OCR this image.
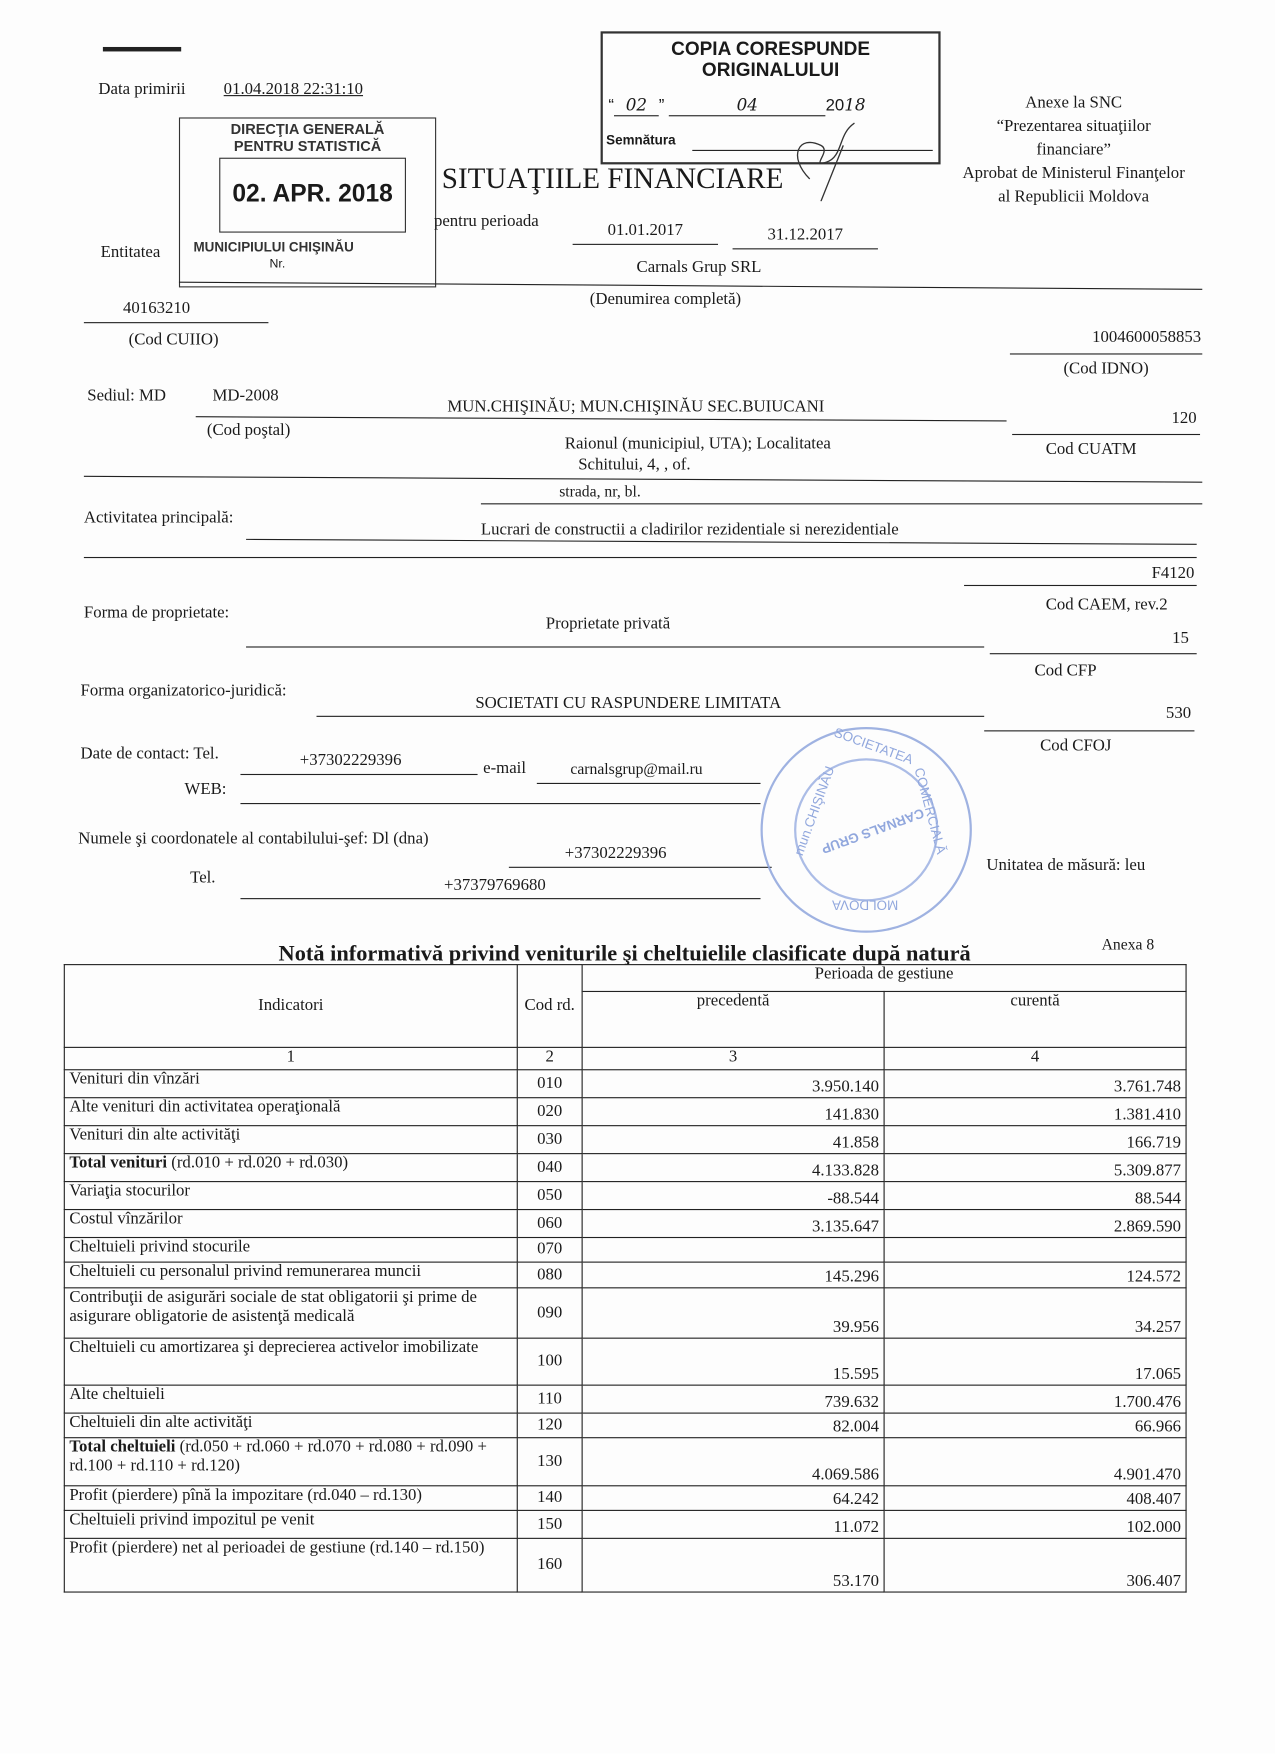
Data primirii	01.04.2018 22:31:10
DIRECŢIA GENERALĂ
PENTRU STATISTICĂ
02. APR. 2018
MUNICIPIULUI CHIŞINĂU
Nr.
COPIA CORESPUNDE
ORIGINALULUI
“ 02 ”	04	2018
Semnătura
Anexe la SNC
“Prezentarea situaţiilor
financiare”
Aprobat de Ministerul Finanţelor
al Republicii Moldova
SITUAŢIILE FINANCIARE
pentru perioada	01.01.2017	31.12.2017
Entitatea
Carnals Grup SRL
(Denumirea completă)
40163210
(Cod CUIIO)	1004600058853
(Cod IDNO)
Sediul: MD	MD-2008
MUN.CHIŞINĂU; MUN.CHIŞINĂU SEC.BUIUCANI
120
(Cod poştal)
Raionul (municipiul, UTA); Localitatea	Cod CUATM
Schitului, 4, , of.
strada, nr, bl.
Activitatea principală:
Lucrari de constructii a cladirilor rezidentiale si nerezidentiale
F4120
Cod CAEM, rev.2
Forma de proprietate:
Proprietate privată
15
Cod CFP
Forma organizatorico-juridică:
SOCIETATI CU RASPUNDERE LIMITATA
530
Cod CFOJ
Date de contact: Tel.	+37302229396	e-mail	carnalsgrup@mail.ru
WEB:
Numele şi coordonatele al contabilului-şef: Dl (dna)
+37302229396
Tel.	+37379769680
Unitatea de măsură: leu
SOCIETATEA
COMERCIALĂ
CARNALS GRUP
mun.CHIŞINĂU
MOLDOVA
Anexa 8
Notă informativă privind veniturile şi cheltuielile clasificate după natură
Indicatori	Cod rd.	Perioada de gestiune	
		precedentă	curentă
1	2	3	4
Venituri din vînzări	010	3.950.140	3.761.748
Alte venituri din activitatea operaţională	020	141.830	1.381.410
Venituri din alte activităţi	030	41.858	166.719
Total venituri (rd.010 + rd.020 + rd.030)	040	4.133.828	5.309.877
Variaţia stocurilor	050	-88.544	88.544
Costul vînzărilor	060	3.135.647	2.869.590
Cheltuieli privind stocurile	070		
Cheltuieli cu personalul privind remunerarea muncii	080	145.296	124.572
Contribuţii de asigurări sociale de stat obligatorii şi prime de asigurare obligatorie de asistenţă medicală	090	39.956	34.257
Cheltuieli cu amortizarea şi deprecierea activelor imobilizate	100	15.595	17.065
Alte cheltuieli	110	739.632	1.700.476
Cheltuieli din alte activităţi	120	82.004	66.966
Total cheltuieli (rd.050 + rd.060 + rd.070 + rd.080 + rd.090 + rd.100 + rd.110 + rd.120)	130	4.069.586	4.901.470
Profit (pierdere) pînă la impozitare (rd.040 – rd.130)	140	64.242	408.407
Cheltuieli privind impozitul pe venit	150	11.072	102.000
Profit (pierdere) net al perioadei de gestiune (rd.140 – rd.150)	160	53.170	306.407
